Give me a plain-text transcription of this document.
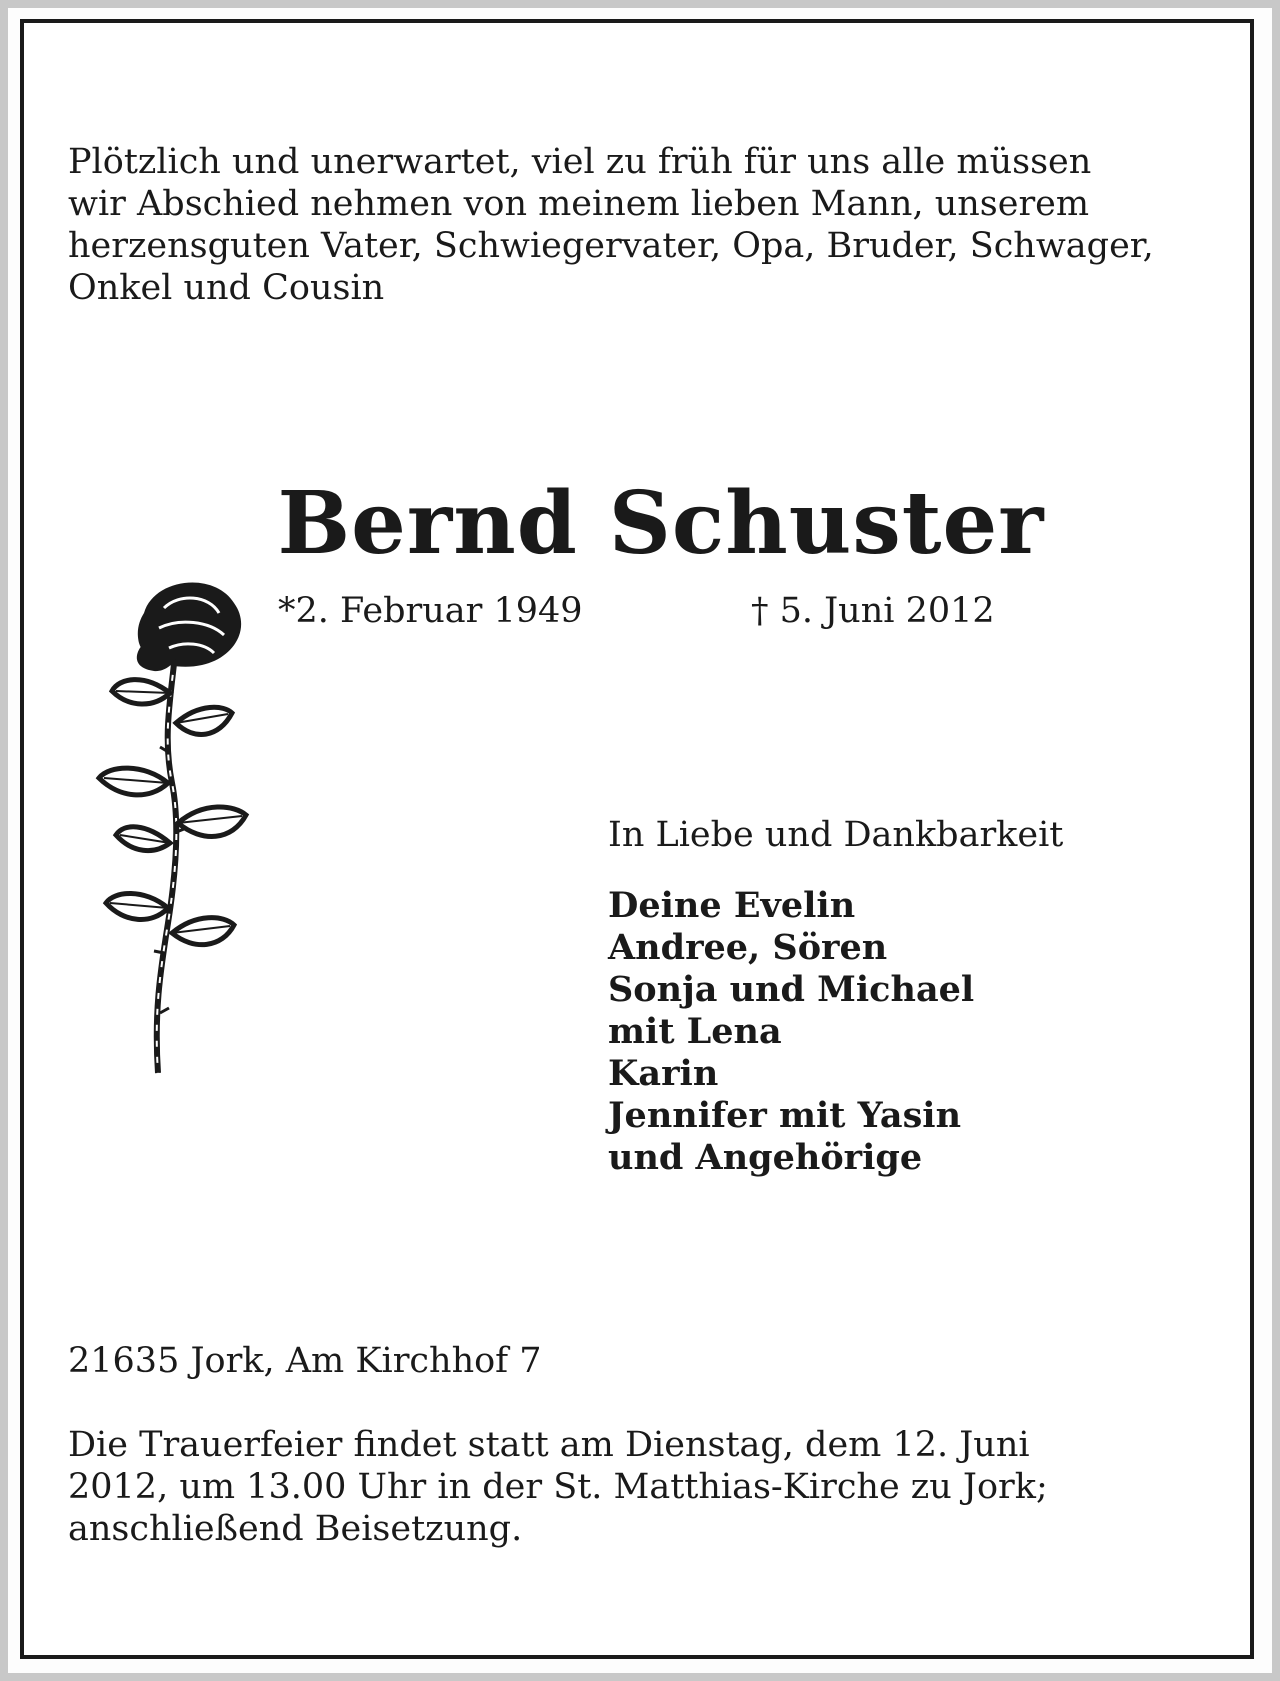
Plötzlich und unerwartet, viel zu früh für uns alle müssen
wir Abschied nehmen von meinem lieben Mann, unserem
herzensguten Vater, Schwiegervater, Opa, Bruder, Schwager,
Onkel und Cousin
Bernd Schuster
*2. Februar 1949	† 5. Juni 2012
In Liebe und Dankbarkeit
Deine Evelin
Andree, Sören
Sonja und Michael
mit Lena
Karin
Jennifer mit Yasin
und Angehörige
21635 Jork, Am Kirchhof 7
Die Trauerfeier findet statt am Dienstag, dem 12. Juni
2012, um 13.00 Uhr in der St. Matthias-Kirche zu Jork;
anschließend Beisetzung.
